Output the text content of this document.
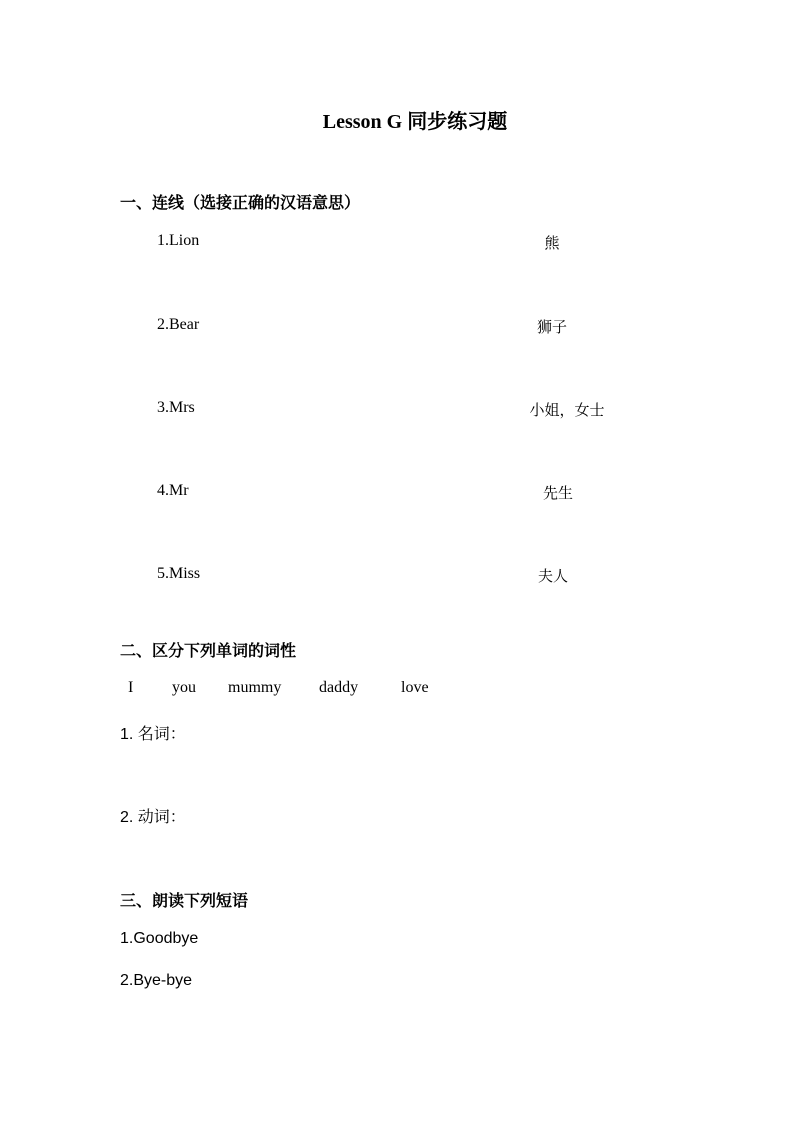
Lesson G 同步练习题
一、连线（选接正确的汉语意思）
1.Lion
2.Bear
3.Mrs
4.Mr
5.Miss
熊
狮子
小姐，女士
先生
夫人
二、区分下列单词的词性
I you mummy daddy	love
1. 名词：
2. 动词：
三、朗读下列短语
1.Goodbye
2.Bye-bye
